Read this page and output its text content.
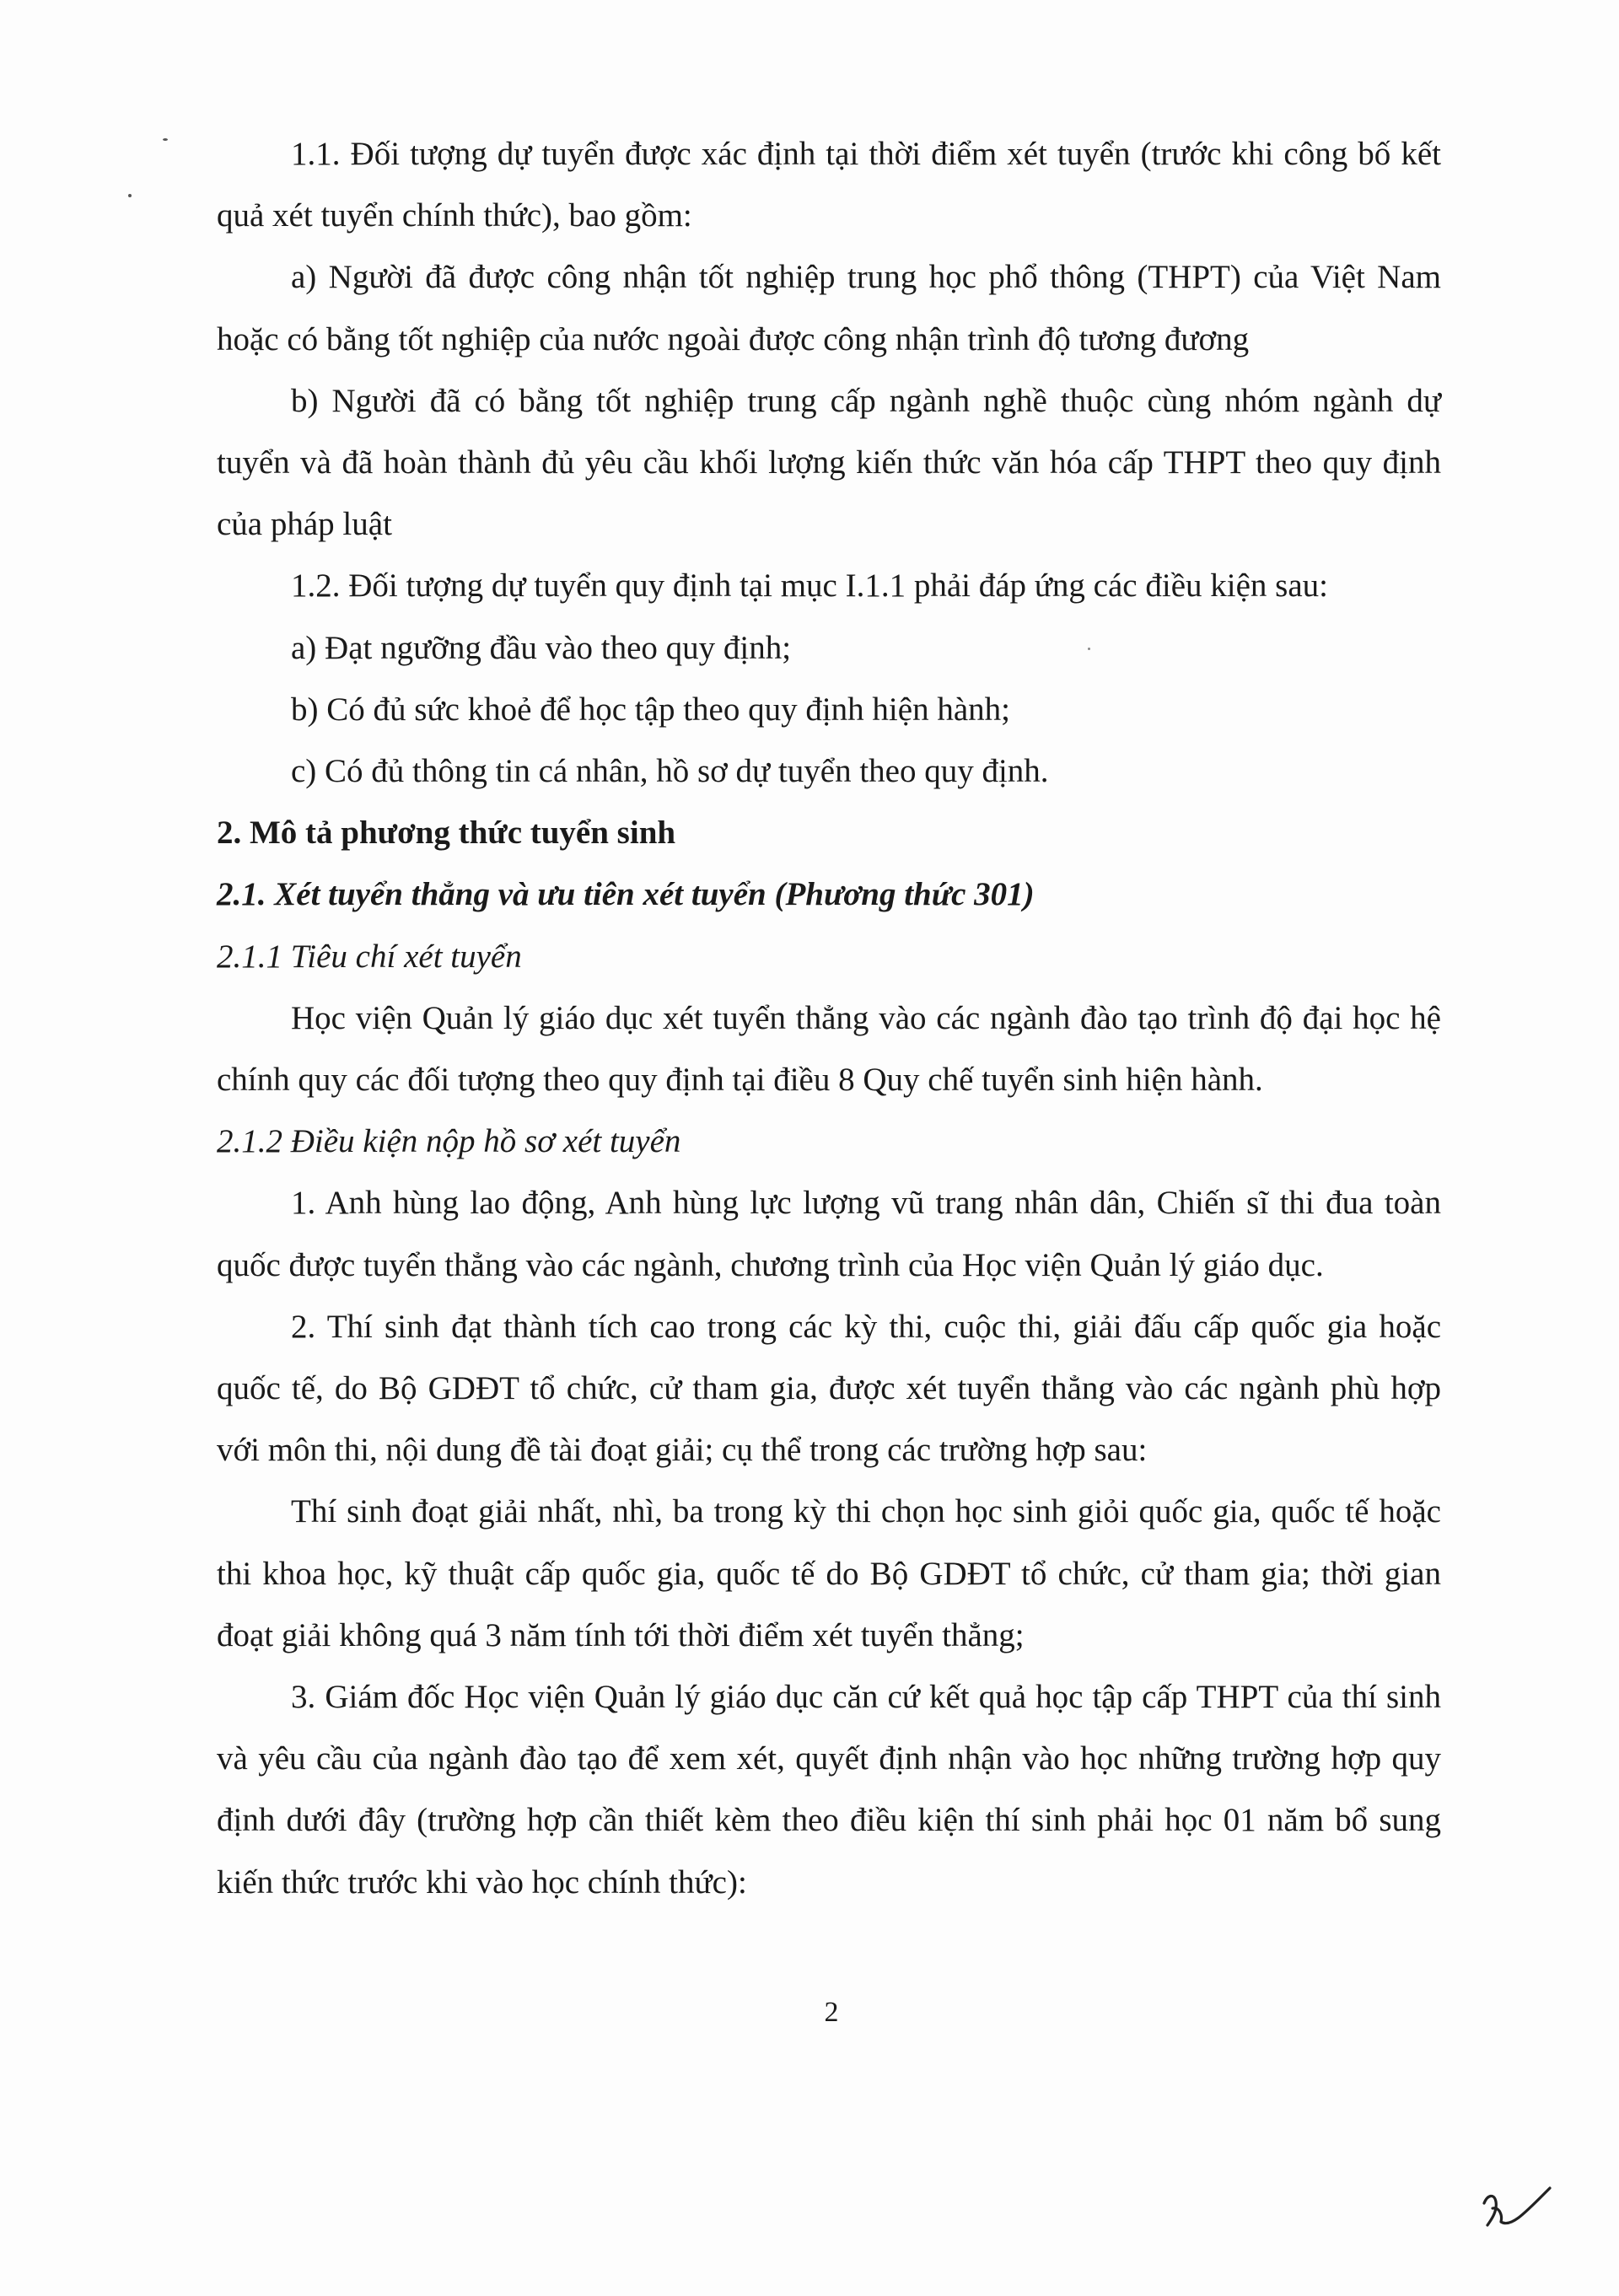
1.1. Đối tượng dự tuyển được xác định tại thời điểm xét tuyển (trước khi công bố kết quả xét tuyển chính thức), bao gồm:

a) Người đã được công nhận tốt nghiệp trung học phổ thông (THPT) của Việt Nam hoặc có bằng tốt nghiệp của nước ngoài được công nhận trình độ tương đương

b) Người đã có bằng tốt nghiệp trung cấp ngành nghề thuộc cùng nhóm ngành dự tuyển và đã hoàn thành đủ yêu cầu khối lượng kiến thức văn hóa cấp THPT theo quy định của pháp luật

1.2. Đối tượng dự tuyển quy định tại mục I.1.1 phải đáp ứng các điều kiện sau:

a) Đạt ngưỡng đầu vào theo quy định;

b) Có đủ sức khoẻ để học tập theo quy định hiện hành;

c) Có đủ thông tin cá nhân, hồ sơ dự tuyển theo quy định.

2. Mô tả phương thức tuyển sinh

2.1. Xét tuyển thẳng và ưu tiên xét tuyển (Phương thức 301)

2.1.1 Tiêu chí xét tuyển

Học viện Quản lý giáo dục xét tuyển thẳng vào các ngành đào tạo trình độ đại học hệ chính quy các đối tượng theo quy định tại điều 8 Quy chế tuyển sinh hiện hành.

2.1.2 Điều kiện nộp hồ sơ xét tuyển

1. Anh hùng lao động, Anh hùng lực lượng vũ trang nhân dân, Chiến sĩ thi đua toàn quốc được tuyển thẳng vào các ngành, chương trình của Học viện Quản lý giáo dục.

2. Thí sinh đạt thành tích cao trong các kỳ thi, cuộc thi, giải đấu cấp quốc gia hoặc quốc tế, do Bộ GDĐT tổ chức, cử tham gia, được xét tuyển thẳng vào các ngành phù hợp với môn thi, nội dung đề tài đoạt giải; cụ thể trong các trường hợp sau:

Thí sinh đoạt giải nhất, nhì, ba trong kỳ thi chọn học sinh giỏi quốc gia, quốc tế hoặc thi khoa học, kỹ thuật cấp quốc gia, quốc tế do Bộ GDĐT tổ chức, cử tham gia; thời gian đoạt giải không quá 3 năm tính tới thời điểm xét tuyển thẳng;

3. Giám đốc Học viện Quản lý giáo dục căn cứ kết quả học tập cấp THPT của thí sinh và yêu cầu của ngành đào tạo để xem xét, quyết định nhận vào học những trường hợp quy định dưới đây (trường hợp cần thiết kèm theo điều kiện thí sinh phải học 01 năm bổ sung kiến thức trước khi vào học chính thức):

2
